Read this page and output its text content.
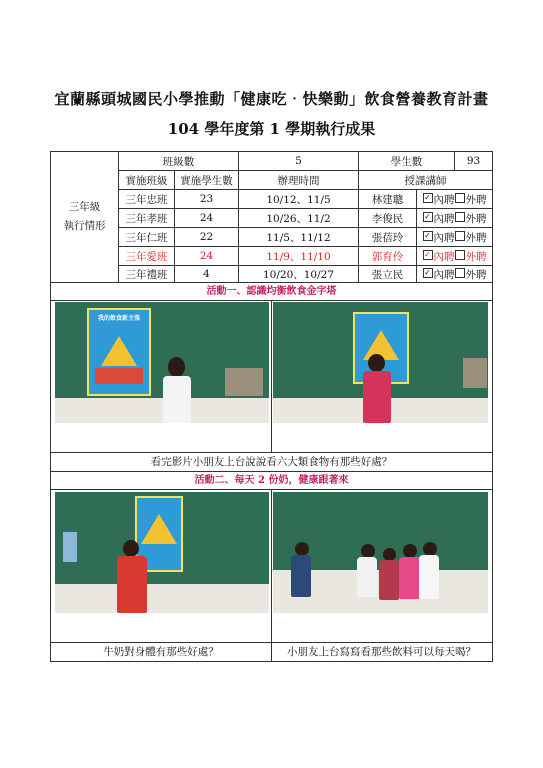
宜蘭縣頭城國民小學推動「健康吃‧快樂動」飲食營養教育計畫
104 學年度第 1 學期執行成果
三年級
執行情形
班級數	5	學生數	93
實施班級	實施學生數	辦理時間	授課講師
三年忠班	23	10/12、11/5	林建聰	✓ 內聘 外聘
三年孝班	24	10/26、11/2	李俊民	✓ 內聘 外聘
三年仁班	22	11/5、11/12	張蓓玲	✓ 內聘 外聘
三年愛班	24	11/9、11/10	郭育伶	✓ 內聘 外聘
三年禮班	4	10/20、10/27	張立民	✓ 內聘 外聘
活動一、認識均衡飲食金字塔
我的飲食新主張
看完影片小朋友上台說說看六大類食物有那些好處？
活動二、每天 2 份奶，健康跟著來
牛奶對身體有那些好處？	小朋友上台寫寫看那些飲料可以每天喝？
